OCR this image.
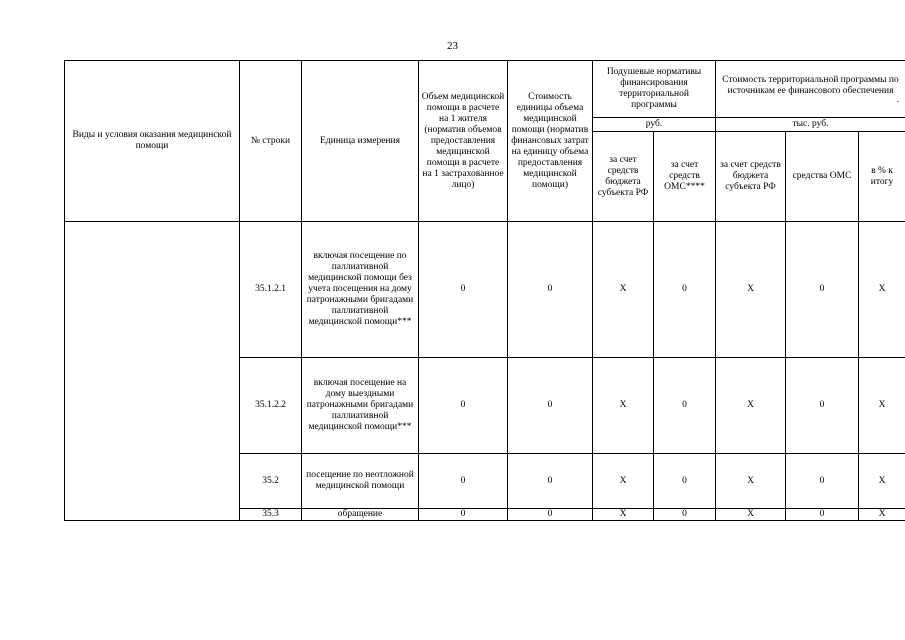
23
Виды и условия оказания медицинской помощи	№ строки	Единица измерения	Объем медицинской помощи в расчете на 1 жителя (норматив объемов предоставления медицинской помощи в расчете на 1 застрахованное лицо)	Стоимость единицы объема медицинской помощи (норматив финансовых затрат на единицу объема предоставления медицинской помощи)	Подушевые нормативы финансирования территориальной программы		Стоимость территориальной программы по источникам ее финансового обеспечения
.		

					руб.		тыс. руб.		
					за счет средств бюджета субъекта РФ	за счет средств ОМС****	за счет средств бюджета субъекта РФ	средства ОМС	в % к итогу
	35.1.2.1	включая посещение по паллиативной медицинской помощи без учета посещения на дому патронажными бригадами паллиативной медицинской помощи***	0	0	X	0	X	0	X
	35.1.2.2	включая посещение на дому выездными патронажными бригадами паллиативной медицинской помощи***	0	0	X	0	X	0	X
	35.2	посещение по неотложной медицинской помощи	0	0	X	0	X	0	X
	35.3	обращение	0	0	X	0	X	0	X
